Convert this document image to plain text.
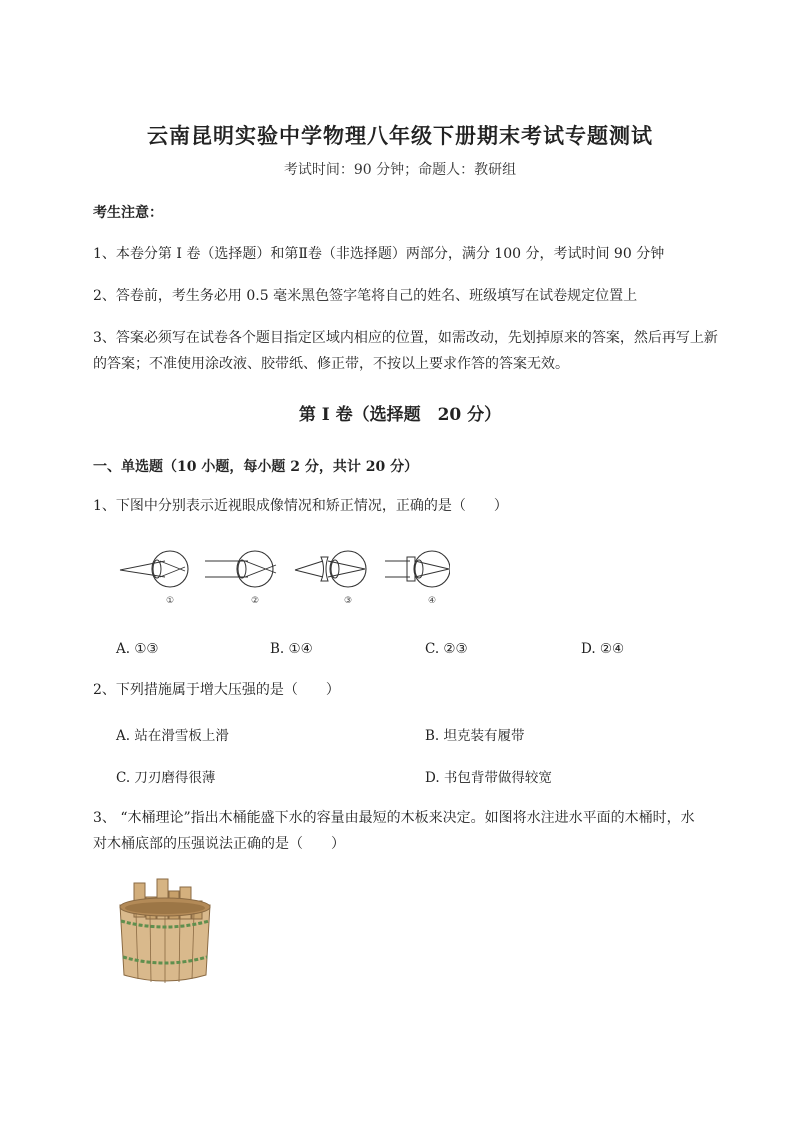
云南昆明实验中学物理八年级下册期末考试专题测试
考试时间：90 分钟；命题人：教研组
考生注意：
1、本卷分第 I 卷（选择题）和第Ⅱ卷（非选择题）两部分，满分 100 分，考试时间 90 分钟
2、答卷前，考生务必用 0.5 毫米黑色签字笔将自己的姓名、班级填写在试卷规定位置上
3、答案必须写在试卷各个题目指定区域内相应的位置，如需改动，先划掉原来的答案，然后再写上新
的答案；不准使用涂改液、胶带纸、修正带，不按以上要求作答的答案无效。
第 I 卷（选择题　20 分）
一、单选题（10 小题，每小题 2 分，共计 20 分）
1、下图中分别表示近视眼成像情况和矫正情况，正确的是（　　）
①	②	③	④
A. ①③	B. ①④	C. ②③	D. ②④
2、下列措施属于增大压强的是（　　）
A. 站在滑雪板上滑	B. 坦克装有履带
C. 刀刃磨得很薄	D. 书包背带做得较宽
3、 “木桶理论”指出木桶能盛下水的容量由最短的木板来决定。如图将水注进水平面的木桶时，水
对木桶底部的压强说法正确的是（　　）
